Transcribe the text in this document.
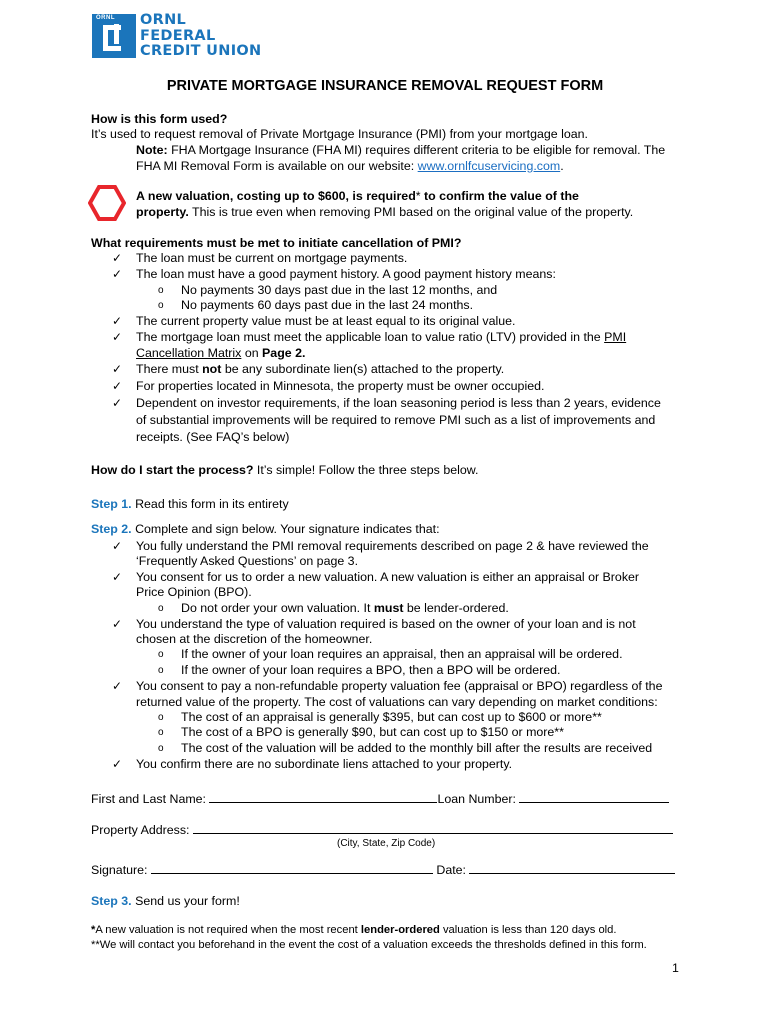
ORNL ORNL
FEDERAL
CREDIT UNION
PRIVATE MORTGAGE INSURANCE REMOVAL REQUEST FORM
How is this form used?
It’s used to request removal of Private Mortgage Insurance (PMI) from your mortgage loan.
Note: FHA Mortgage Insurance (FHA MI) requires different criteria to be eligible for removal. The
FHA MI Removal Form is available on our website: www.ornlfcuservicing.com.
A new valuation, costing up to $600, is required* to confirm the value of the
property. This is true even when removing PMI based on the original value of the property.
What requirements must be met to initiate cancellation of PMI?
✓ The loan must be current on mortgage payments.
✓ The loan must have a good payment history. A good payment history means:
o No payments 30 days past due in the last 12 months, and
o No payments 60 days past due in the last 24 months.
✓ The current property value must be at least equal to its original value.
✓ The mortgage loan must meet the applicable loan to value ratio (LTV) provided in the PMI
Cancellation Matrix on Page 2.
✓ There must not be any subordinate lien(s) attached to the property.
✓ For properties located in Minnesota, the property must be owner occupied.
✓ Dependent on investor requirements, if the loan seasoning period is less than 2 years, evidence
of substantial improvements will be required to remove PMI such as a list of improvements and
receipts. (See FAQ’s below)
How do I start the process? It’s simple! Follow the three steps below.
Step 1. Read this form in its entirety
Step 2. Complete and sign below. Your signature indicates that:
✓ You fully understand the PMI removal requirements described on page 2 & have reviewed the
‘Frequently Asked Questions’ on page 3.
✓ You consent for us to order a new valuation. A new valuation is either an appraisal or Broker
Price Opinion (BPO).
o Do not order your own valuation. It must be lender-ordered.
✓ You understand the type of valuation required is based on the owner of your loan and is not
chosen at the discretion of the homeowner.
o If the owner of your loan requires an appraisal, then an appraisal will be ordered.
o If the owner of your loan requires a BPO, then a BPO will be ordered.
✓ You consent to pay a non-refundable property valuation fee (appraisal or BPO) regardless of the
returned value of the property. The cost of valuations can vary depending on market conditions:
o The cost of an appraisal is generally $395, but can cost up to $600 or more**
o The cost of a BPO is generally $90, but can cost up to $150 or more**
o The cost of the valuation will be added to the monthly bill after the results are received
✓ You confirm there are no subordinate liens attached to your property.
First and Last Name:	Loan Number:
Property Address:
(City, State, Zip Code)
Signature:	Date:
Step 3. Send us your form!
*A new valuation is not required when the most recent lender-ordered valuation is less than 120 days old.
**We will contact you beforehand in the event the cost of a valuation exceeds the thresholds defined in this form.
1
